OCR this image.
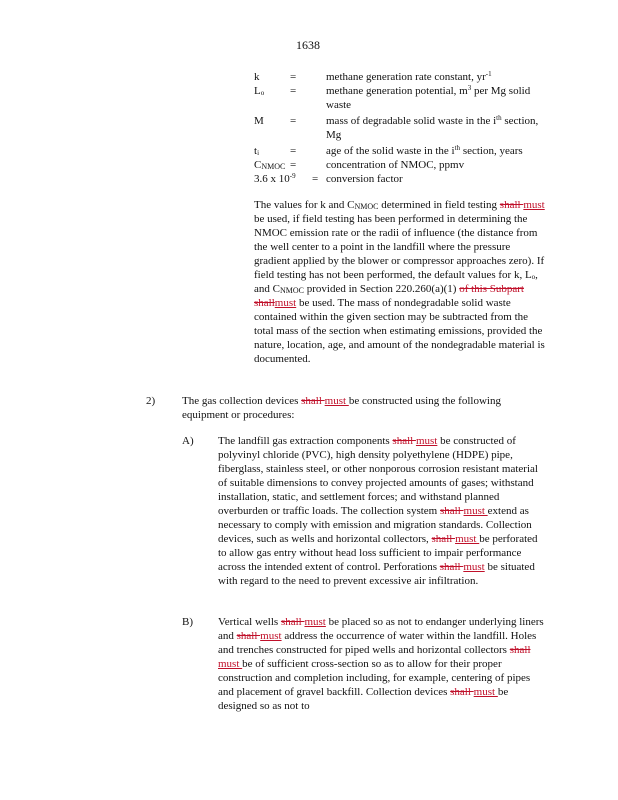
1638
k	=	methane generation rate constant, $yr^{-1}$
$L_o$ =	methane generation potential, $m^3$ per Mg solid waste
M =	mass of degradable solid waste in the $i^{th}$ section, Mg
$t_i$	=	age of the solid waste in the $i^{th}$ section, years
$C_{NMOC}$ =	concentration of NMOC, ppmv
3.6 x $10^{-9}$ = conversion factor

The values for k and $C_{NMOC}$ determined in field testing shall must be used, if field testing has been performed in determining the NMOC emission rate or the radii of influence (the distance from the well center to a point in the landfill where the pressure gradient applied by the blower or compressor approaches zero). If field testing has not been performed, the default values for k, $L_o$, and $C_{NMOC}$ provided in Section 220.260(a)(1) of this Subpart shallmust be used. The mass of nondegradable solid waste contained within the given section may be subtracted from the total mass of the section when estimating emissions, provided the nature, location, age, and amount of the nondegradable material is documented.

2) The gas collection devices shall must be constructed using the following equipment or procedures:

A) The landfill gas extraction components shall must be constructed of polyvinyl chloride (PVC), high density polyethylene (HDPE) pipe, fiberglass, stainless steel, or other nonporous corrosion resistant material of suitable dimensions to convey projected amounts of gases; withstand installation, static, and settlement forces; and withstand planned overburden or traffic loads. The collection system shall must extend as necessary to comply with emission and migration standards. Collection devices, such as wells and horizontal collectors, shall must be perforated to allow gas entry without head loss sufficient to impair performance across the intended extent of control. Perforations shall must be situated with regard to the need to prevent excessive air infiltration.

B) Vertical wells shall must be placed so as not to endanger underlying liners and shall must address the occurrence of water within the landfill. Holes and trenches constructed for piped wells and horizontal collectors shall must be of sufficient cross-section so as to allow for their proper construction and completion including, for example, centering of pipes and placement of gravel backfill. Collection devices shall must be designed so as not to
